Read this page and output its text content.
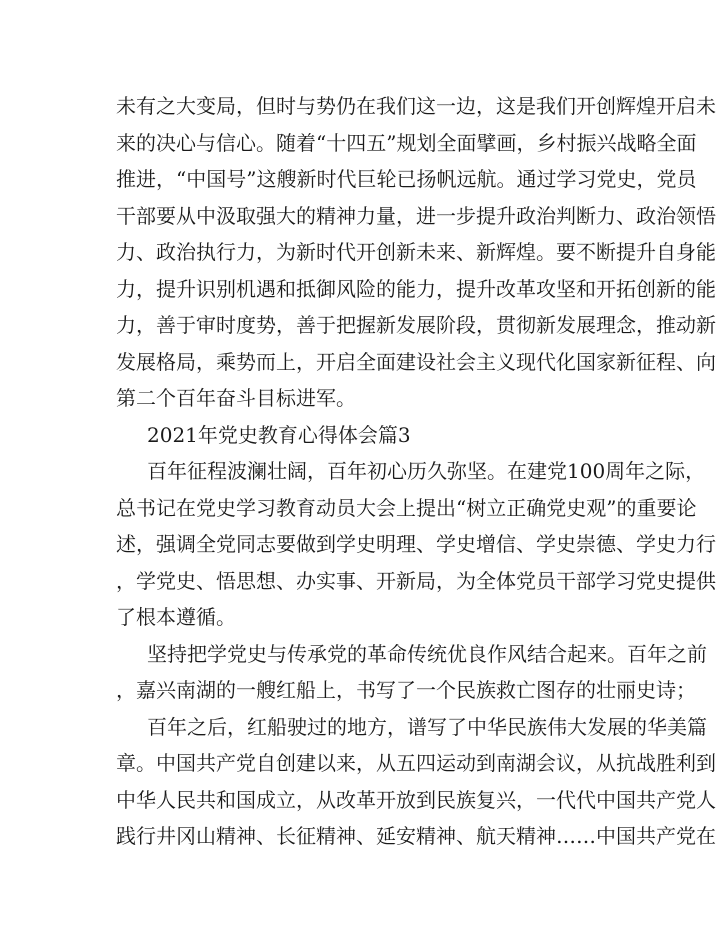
未有之大变局，但时与势仍在我们这一边，这是我们开创辉煌开启未
来的决心与信心。随着“十四五”规划全面擘画，乡村振兴战略全面
推进，“中国号”这艘新时代巨轮已扬帆远航。通过学习党史，党员
干部要从中汲取强大的精神力量，进一步提升政治判断力、政治领悟
力、政治执行力，为新时代开创新未来、新辉煌。要不断提升自身能
力，提升识别机遇和抵御风险的能力，提升改革攻坚和开拓创新的能
力，善于审时度势，善于把握新发展阶段，贯彻新发展理念，推动新
发展格局，乘势而上，开启全面建设社会主义现代化国家新征程、向
第二个百年奋斗目标进军。
2021年党史教育心得体会篇3
百年征程波澜壮阔，百年初心历久弥坚。在建党100周年之际，
总书记在党史学习教育动员大会上提出“树立正确党史观”的重要论
述，强调全党同志要做到学史明理、学史增信、学史崇德、学史力行
，学党史、悟思想、办实事、开新局，为全体党员干部学习党史提供
了根本遵循。
坚持把学党史与传承党的革命传统优良作风结合起来。百年之前
，嘉兴南湖的一艘红船上，书写了一个民族救亡图存的壮丽史诗；
百年之后，红船驶过的地方，谱写了中华民族伟大发展的华美篇
章。中国共产党自创建以来，从五四运动到南湖会议，从抗战胜利到
中华人民共和国成立，从改革开放到民族复兴，一代代中国共产党人
践行井冈山精神、长征精神、延安精神、航天精神……中国共产党在
